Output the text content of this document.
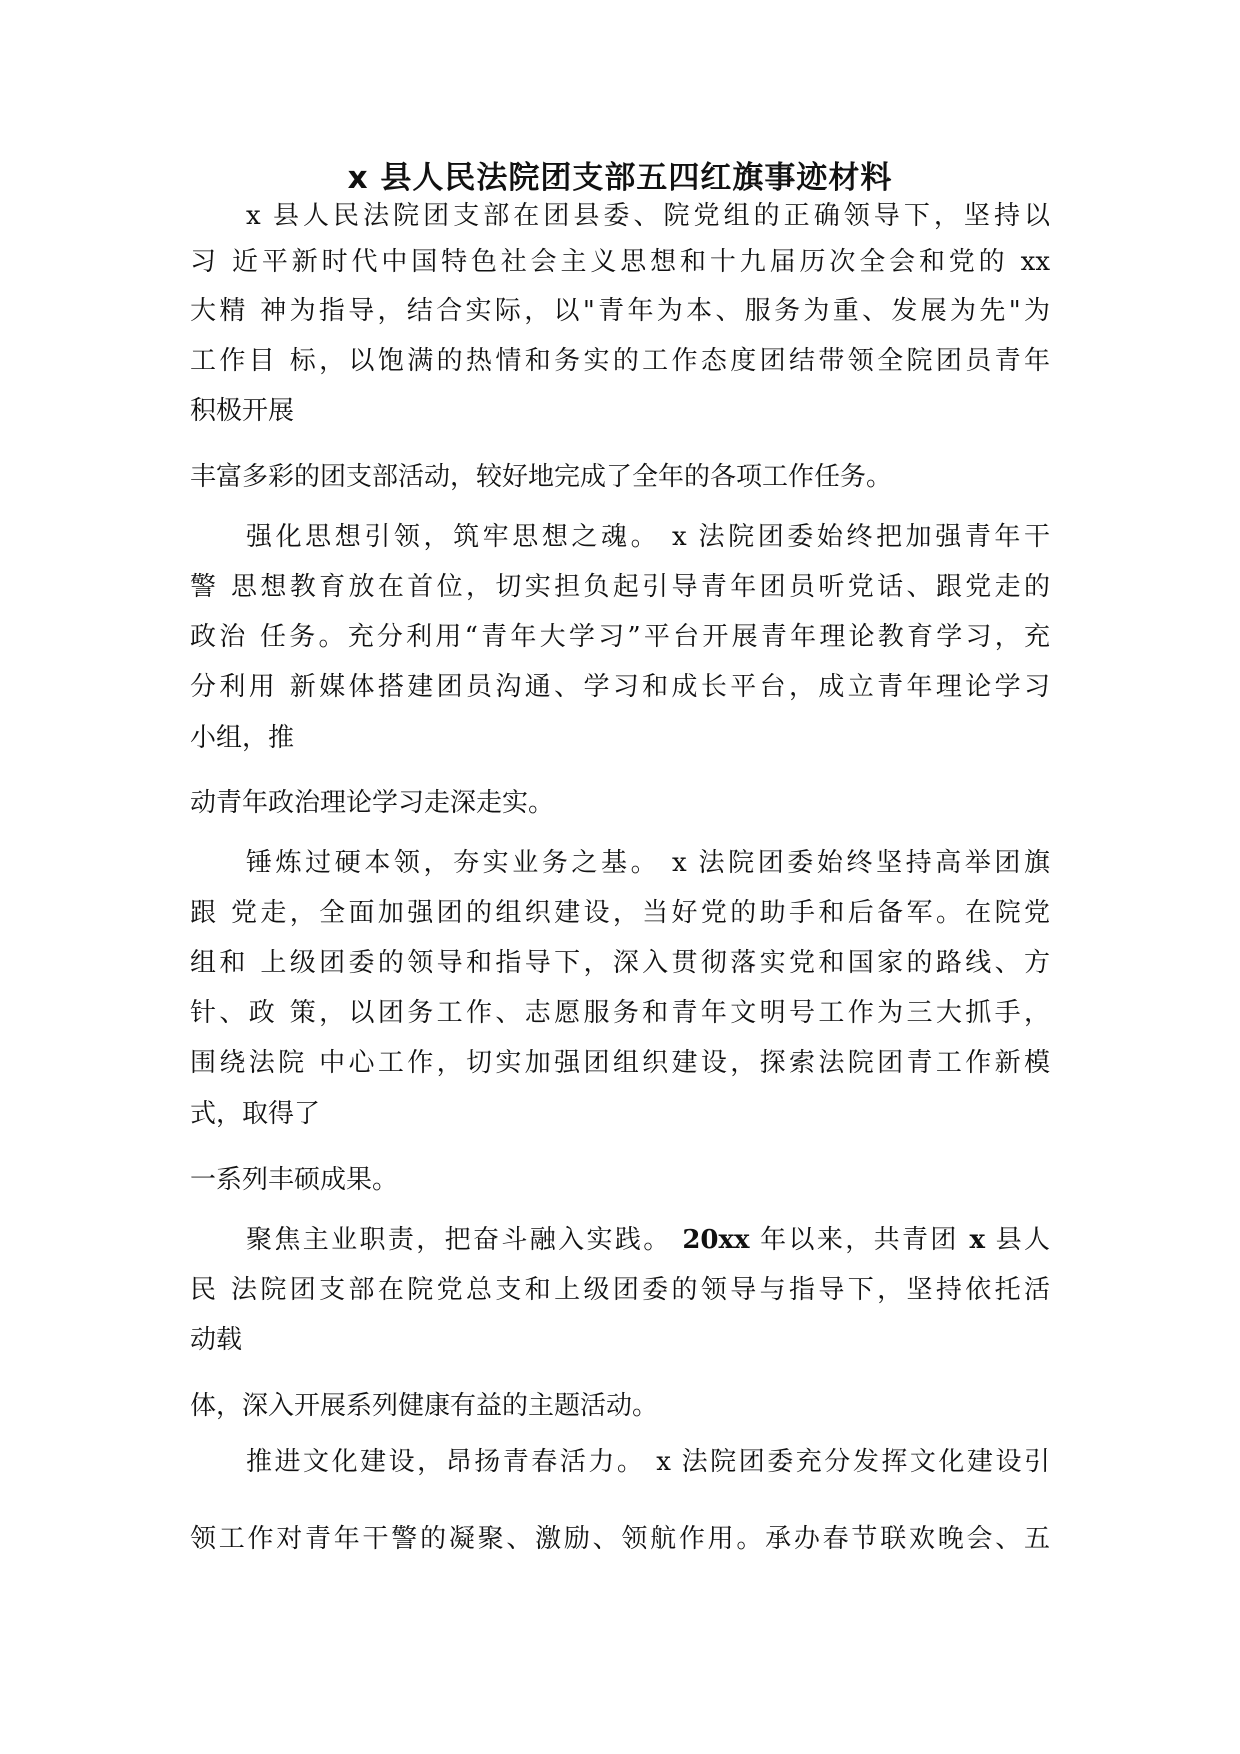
x 县人民法院团支部五四红旗事迹材料

x 县人民法院团支部在团县委、院党组的正确领导下，坚持以

习 近平新时代中国特色社会主义思想和十九届历次全会和党的 xx

大精 神为指导，结合实际，以"青年为本、服务为重、发展为先"为

工作目 标，以饱满的热情和务实的工作态度团结带领全院团员青年

积极开展

丰富多彩的团支部活动，较好地完成了全年的各项工作任务。

强化思想引领，筑牢思想之魂。 x 法院团委始终把加强青年干

警 思想教育放在首位，切实担负起引导青年团员听党话、跟党走的

政治 任务。充分利用“青年大学习”平台开展青年理论教育学习，充

分利用 新媒体搭建团员沟通、学习和成长平台，成立青年理论学习

小组，推

动青年政治理论学习走深走实。

锤炼过硬本领，夯实业务之基。 x 法院团委始终坚持高举团旗

跟 党走，全面加强团的组织建设，当好党的助手和后备军。在院党

组和 上级团委的领导和指导下，深入贯彻落实党和国家的路线、方

针、政 策，以团务工作、志愿服务和青年文明号工作为三大抓手，

围绕法院 中心工作，切实加强团组织建设，探索法院团青工作新模

式，取得了

一系列丰硕成果。

聚焦主业职责，把奋斗融入实践。 20xx 年以来，共青团 x 县人

民 法院团支部在院党总支和上级团委的领导与指导下，坚持依托活

动载

体，深入开展系列健康有益的主题活动。

推进文化建设，昂扬青春活力。 x 法院团委充分发挥文化建设引

领工作对青年干警的凝聚、激励、领航作用。承办春节联欢晚会、五
